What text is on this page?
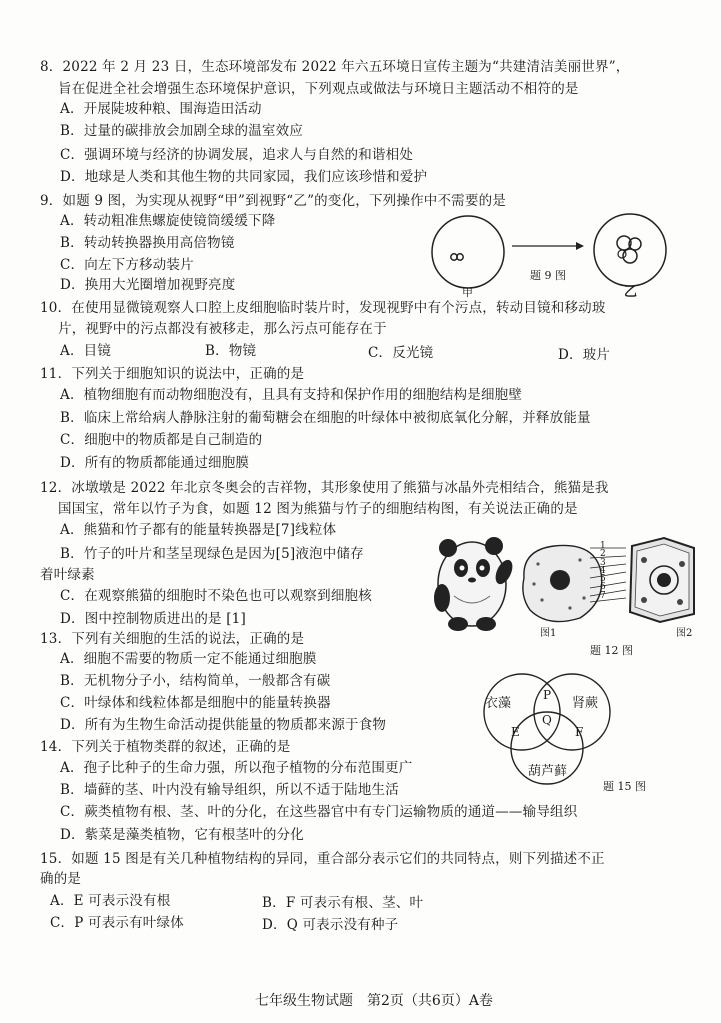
8．2022 年 2 月 23 日，生态环境部发布 2022 年六五环境日宣传主题为“共建清洁美丽世界”，
旨在促进全社会增强生态环境保护意识，下列观点或做法与环境日主题活动不相符的是
A．开展陡坡种粮、围海造田活动
B．过量的碳排放会加剧全球的温室效应
C．强调环境与经济的协调发展，追求人与自然的和谐相处
D．地球是人类和其他生物的共同家园，我们应该珍惜和爱护
9．如题 9 图，为实现从视野“甲”到视野“乙”的变化，下列操作中不需要的是
A．转动粗准焦螺旋使镜筒缓缓下降
B．转动转换器换用高倍物镜
C．向左下方移动装片
D．换用大光圈增加视野亮度	甲	乙
题 9 图
10．在使用显微镜观察人口腔上皮细胞临时装片时，发现视野中有个污点，转动目镜和移动玻
片，视野中的污点都没有被移走，那么污点可能存在于
A．目镜	B．物镜	C．反光镜	D．玻片
11．下列关于细胞知识的说法中，正确的是
A．植物细胞有而动物细胞没有，且具有支持和保护作用的细胞结构是细胞壁
B．临床上常给病人静脉注射的葡萄糖会在细胞的叶绿体中被彻底氧化分解，并释放能量
C．细胞中的物质都是自己制造的
D．所有的物质都能通过细胞膜
12．冰墩墩是 2022 年北京冬奥会的吉祥物，其形象使用了熊猫与冰晶外壳相结合，熊猫是我
国国宝，常年以竹子为食，如题 12 图为熊猫与竹子的细胞结构图，有关说法正确的是
A．熊猫和竹子都有的能量转换器是[7]线粒体
B．竹子的叶片和茎呈现绿色是因为[5]液泡中储存
着叶绿素
C．在观察熊猫的细胞时不染色也可以观察到细胞核
D．图中控制物质进出的是 [1]
1
2
3
4
5
6
7
图1	图2
题 12 图
13．下列有关细胞的生活的说法，正确的是
A．细胞不需要的物质一定不能通过细胞膜
B．无机物分子小，结构简单，一般都含有碳
C．叶绿体和线粒体都是细胞中的能量转换器
D．所有为生物生命活动提供能量的物质都来源于食物
衣藻	肾蕨
葫芦藓
P
Q
E	F
题 15 图
14．下列关于植物类群的叙述，正确的是
A．孢子比种子的生命力强，所以孢子植物的分布范围更广
B．墙藓的茎、叶内没有输导组织，所以不适于陆地生活
C．蕨类植物有根、茎、叶的分化，在这些器官中有专门运输物质的通道——输导组织
D．紫菜是藻类植物，它有根茎叶的分化
15．如题 15 图是有关几种植物结构的异同，重合部分表示它们的共同特点，则下列描述不正
确的是
A．E 可表示没有根	B．F 可表示有根、茎、叶
C．P 可表示有叶绿体	D．Q 可表示没有种子
七年级生物试题　第2页（共6页）A卷
